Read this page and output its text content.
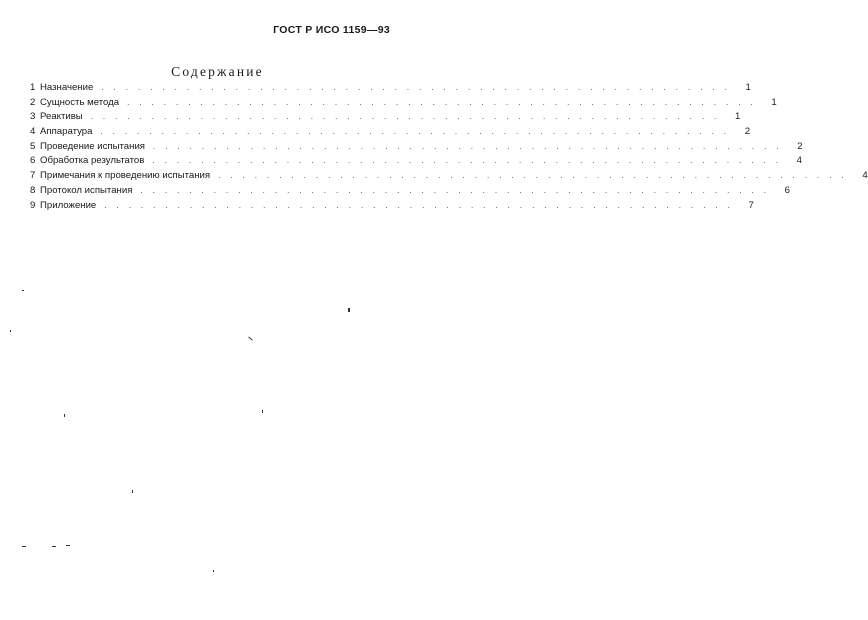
ГОСТ Р ИСО 1159—93
Содержание
1 Назначение	.................................................... 1
2 Сущность метода	.................................................... 1
3 Реактивы	.................................................... 1
4 Аппаратура	.................................................... 2
5 Проведение испытания	.................................................... 2
6 Обработка результатов	.................................................... 4
7 Примечания к проведению испытания	.................................................... 4
8 Протокол испытания	.................................................... 6
9 Приложение	.................................................... 7
